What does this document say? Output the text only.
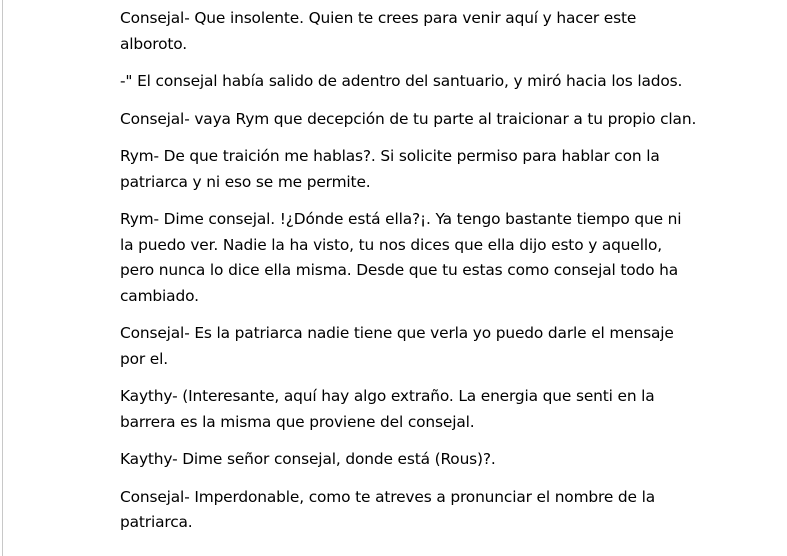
Consejal- Que insolente. Quien te crees para venir aquí y hacer este
alboroto.
-" El consejal había salido de adentro del santuario, y miró hacia los lados.
Consejal- vaya Rym que decepción de tu parte al traicionar a tu propio clan.
Rym- De que traición me hablas?. Si solicite permiso para hablar con la
patriarca y ni eso se me permite.
Rym- Dime consejal. !¿Dónde está ella?¡. Ya tengo bastante tiempo que ni
la puedo ver. Nadie la ha visto, tu nos dices que ella dijo esto y aquello,
pero nunca lo dice ella misma. Desde que tu estas como consejal todo ha
cambiado.
Consejal- Es la patriarca nadie tiene que verla yo puedo darle el mensaje
por el.
Kaythy- (Interesante, aquí hay algo extraño. La energia que senti en la
barrera es la misma que proviene del consejal.
Kaythy- Dime señor consejal, donde está (Rous)?.
Consejal- Imperdonable, como te atreves a pronunciar el nombre de la
patriarca.
